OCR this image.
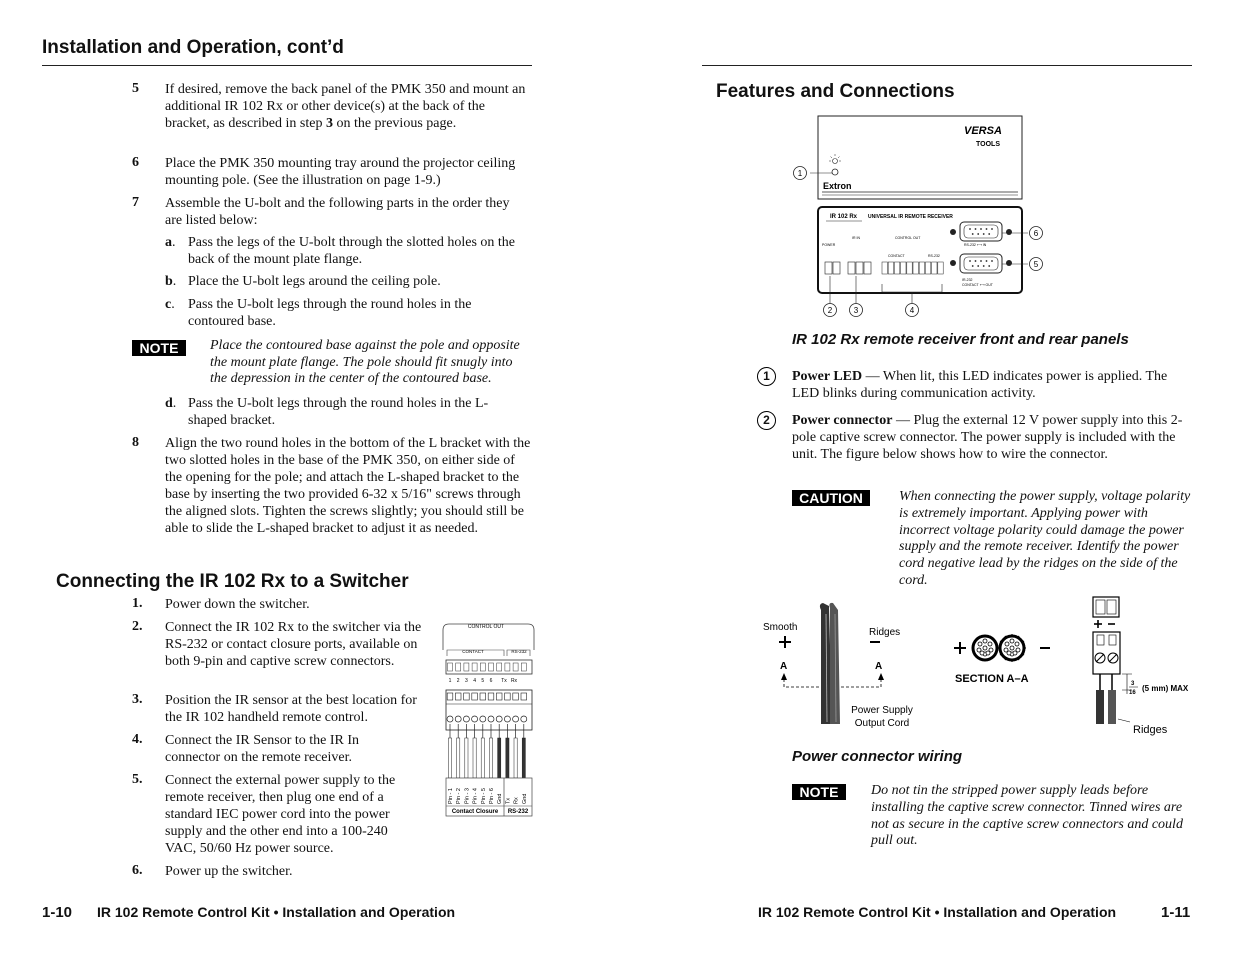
Installation and Operation, cont’d
5 If desired, remove the back panel of the PMK 350 and mount an additional IR 102 Rx or other device(s) at the back of the bracket, as described in step 3 on the previous page.
6 Place the PMK 350 mounting tray around the projector ceiling mounting pole. (See the illustration on page 1-9.)
7 Assemble the U-bolt and the following parts in the order they are listed below:
a. Pass the legs of the U-bolt through the slotted holes on the back of the mount plate flange.
b. Place the U-bolt legs around the ceiling pole.
c. Pass the U-bolt legs through the round holes in the contoured base.
NOTE	Place the contoured base against the pole and opposite the mount plate flange. The pole should fit snugly into the depression in the center of the contoured base.
d. Pass the U-bolt legs through the round holes in the L-shaped bracket.
8 Align the two round holes in the bottom of the L bracket with the two slotted holes in the base of the PMK 350, on either side of the opening for the pole; and attach the L-shaped bracket to the base by inserting the two provided 6-32 x 5/16" screws through the aligned slots. Tighten the screws slightly; you should still be able to slide the L-shaped bracket to adjust it as needed.
Connecting the IR 102 Rx to a Switcher
1. Power down the switcher.
2. Connect the IR 102 Rx to the switcher via the RS-232 or contact closure ports, available on both 9-pin and captive screw connectors.
3. Position the IR sensor at the best location for the IR 102 handheld remote control.
4. Connect the IR Sensor to the IR In connector on the remote receiver.
5. Connect the external power supply to the remote receiver, then plug one end of a standard IEC power cord into the power supply and the other end into a 100-240 VAC, 50/60 Hz power source.
6. Power up the switcher.
CONTROL OUT
CONTACT	RS-232
1 2 3 4 5 6 Tx Rx
Pin - 1 Pin - 2 Pin - 3 Pin - 4 Pin - 5 Pin - 6 Gnd Tx Rx Gnd
Contact Closure RS-232
1-10 IR 102 Remote Control Kit • Installation and Operation
Features and Connections
VERSA
TOOLS
Extron
IR 102 Rx UNIVERSAL IR REMOTE RECEIVER
POWER
IR IN	CONTROL OUT
CONTACT	RS-232
RS-232 ⟷ IN
IR-232
CONTACT ⟷ OUT
1
2	3	4
5
6
IR 102 Rx remote receiver front and rear panels
1	Power LED — When lit, this LED indicates power is applied. The LED blinks during communication activity.
2	Power connector — Plug the external 12 V power supply into this 2-pole captive screw connector. The power supply is included with the unit. The figure below shows how to wire the connector.
CAUTION	When connecting the power supply, voltage polarity is extremely important. Applying power with incorrect voltage polarity could damage the power supply and the remote receiver. Identify the power cord negative lead by the ridges on the side of the cord.
Smooth	Ridges
A	A
Power Supply
Output Cord
SECTION A–A	3
16 (5 mm) MAX
Ridges
Power connector wiring
NOTE	Do not tin the stripped power supply leads before installing the captive screw connector. Tinned wires are not as secure in the captive screw connectors and could pull out.
IR 102 Remote Control Kit • Installation and Operation	1-11
